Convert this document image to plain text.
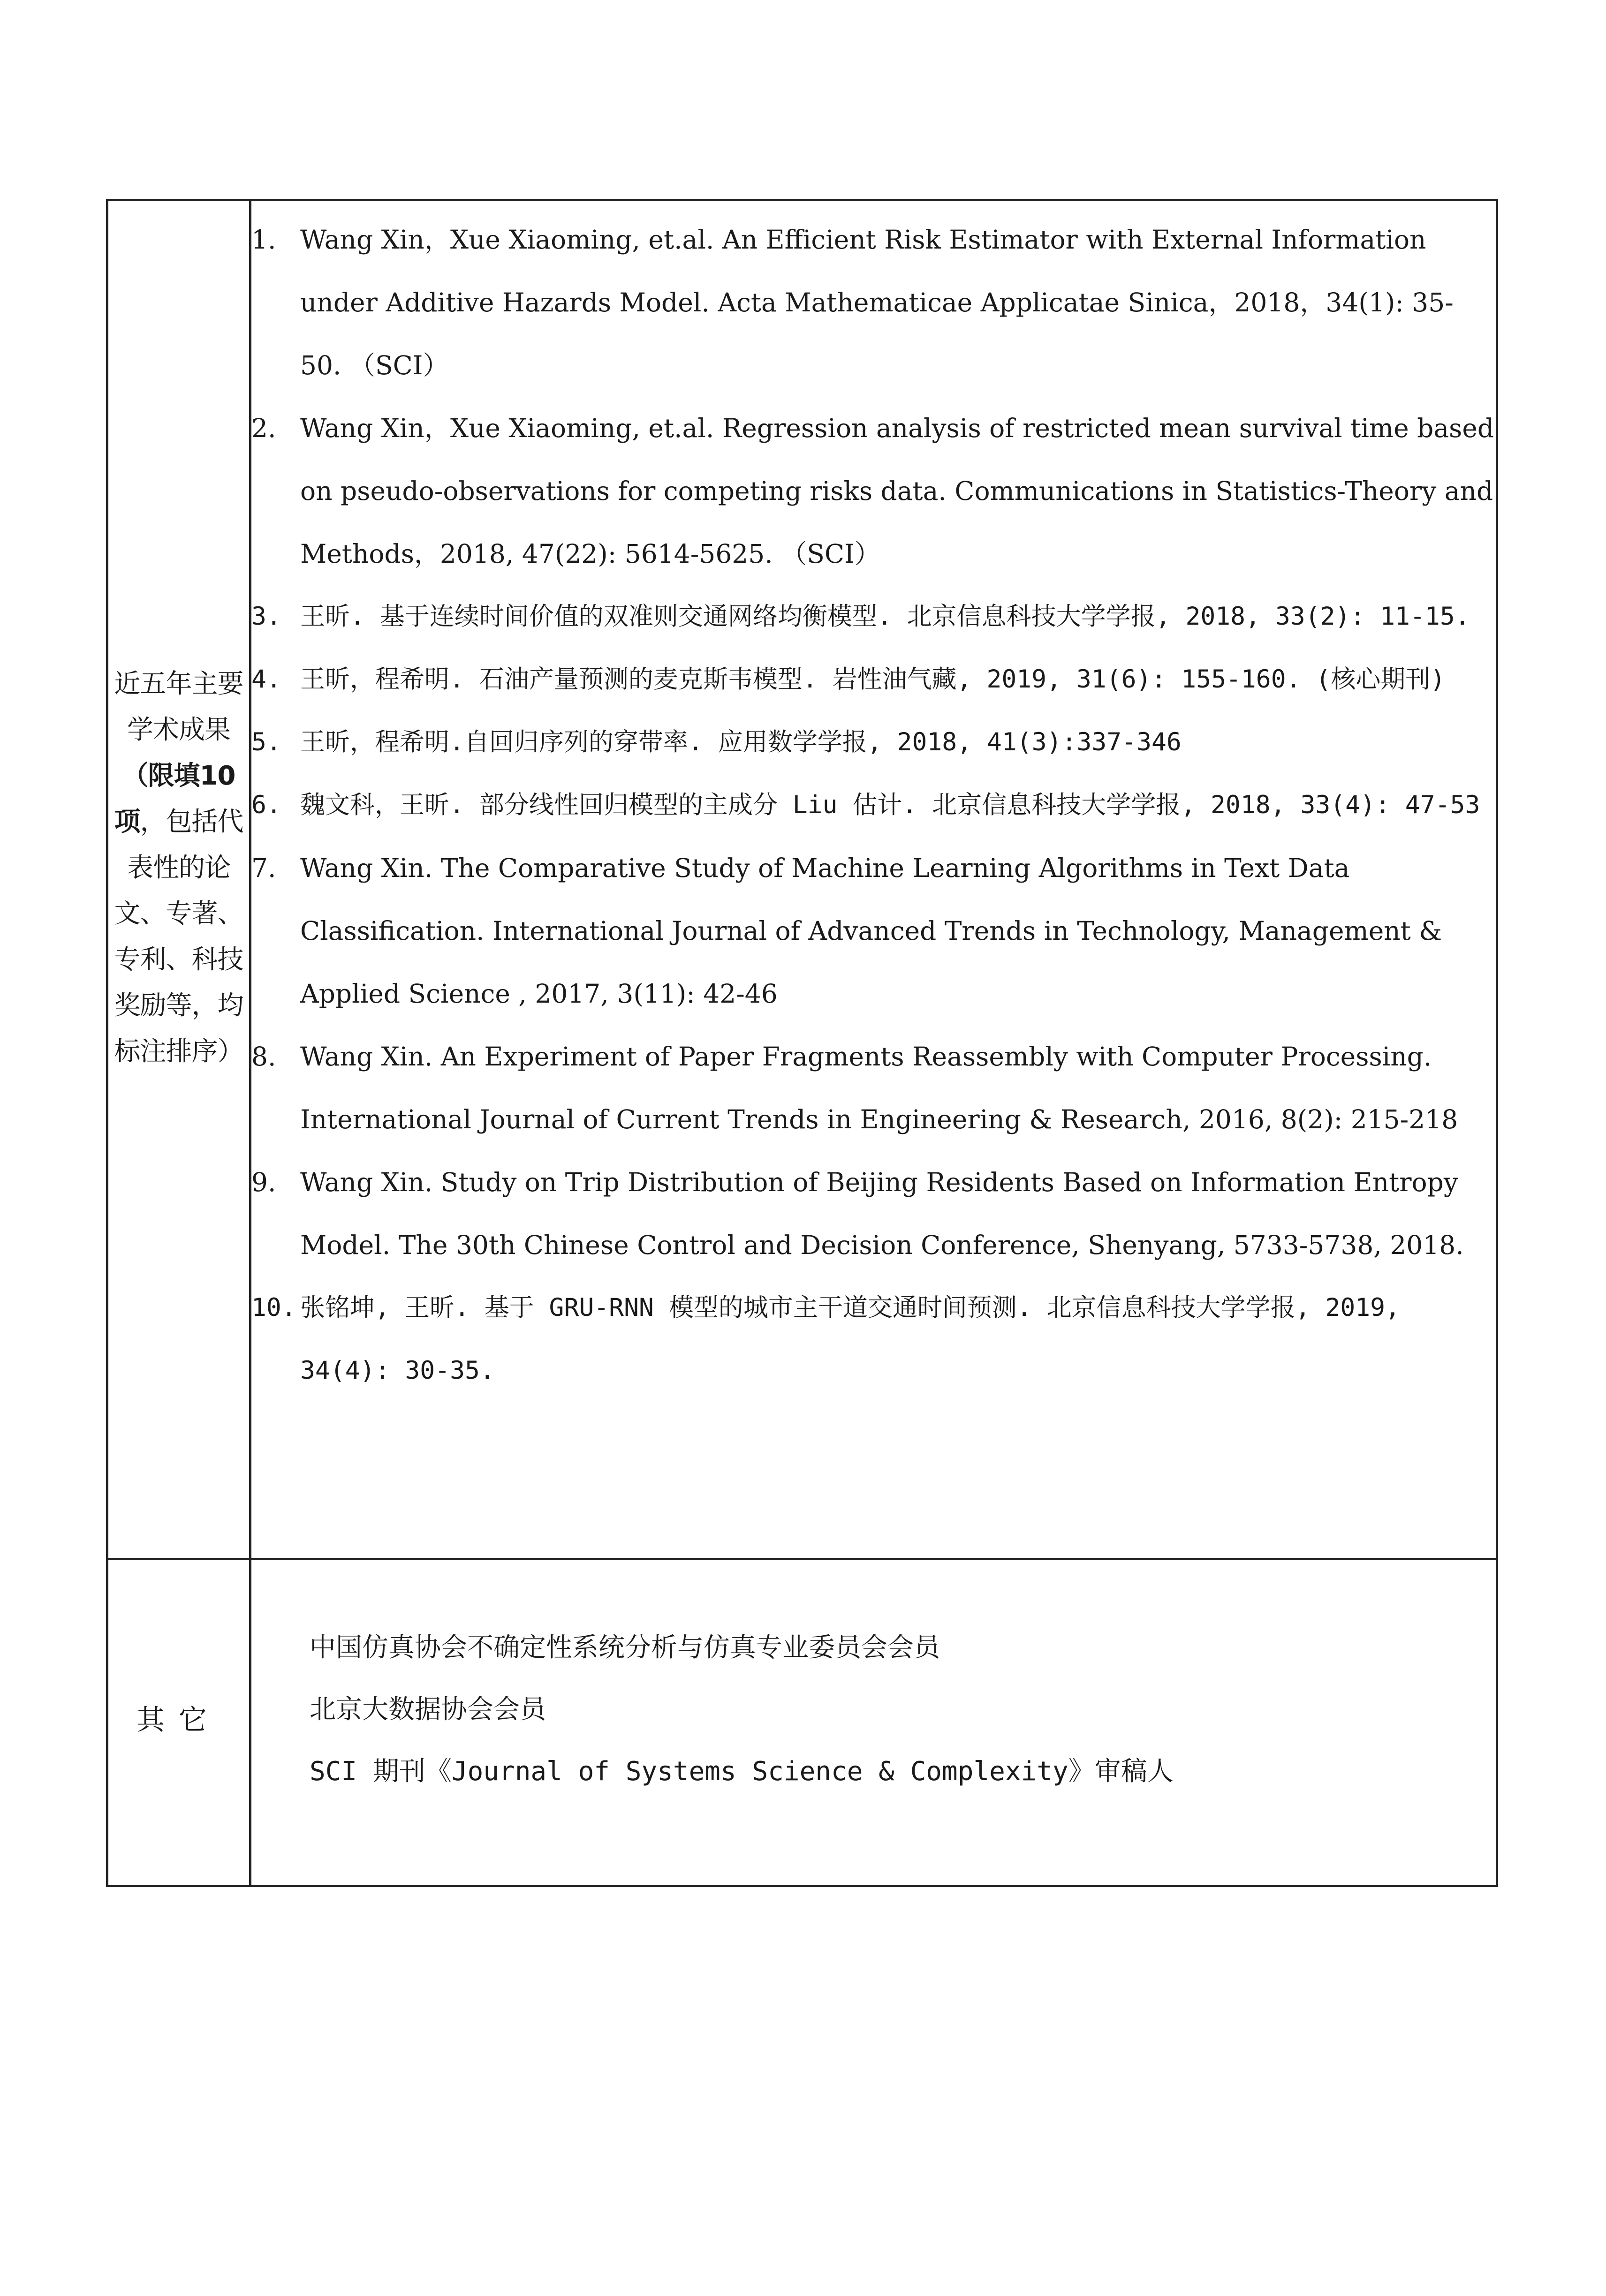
近五年主要学术成果（限填10项，包括代表性的论文、专著、专利、科技奖励等，均标注排序）
1. Wang Xin，Xue Xiaoming, et.al. An Efficient Risk Estimator with External Information under Additive Hazards Model. Acta Mathematicae Applicatae Sinica，2018，34(1): 35-50. （SCI）
2. Wang Xin，Xue Xiaoming, et.al. Regression analysis of restricted mean survival time based on pseudo-observations for competing risks data. Communications in Statistics-Theory and Methods，2018, 47(22): 5614-5625. （SCI）
3. 王昕. 基于连续时间价值的双准则交通网络均衡模型. 北京信息科技大学学报, 2018, 33(2): 11-15.
4. 王昕，程希明. 石油产量预测的麦克斯韦模型. 岩性油气藏, 2019, 31(6): 155-160. (核心期刊)
5. 王昕，程希明.自回归序列的穿带率. 应用数学学报, 2018, 41(3):337-346
6. 魏文科，王昕. 部分线性回归模型的主成分 Liu 估计. 北京信息科技大学学报, 2018, 33(4): 47-53
7. Wang Xin. The Comparative Study of Machine Learning Algorithms in Text Data Classification. International Journal of Advanced Trends in Technology, Management & Applied Science , 2017, 3(11): 42-46
8. Wang Xin. An Experiment of Paper Fragments Reassembly with Computer Processing. International Journal of Current Trends in Engineering & Research, 2016, 8(2): 215-218
9. Wang Xin. Study on Trip Distribution of Beijing Residents Based on Information Entropy Model. The 30th Chinese Control and Decision Conference, Shenyang, 5733-5738, 2018.
10. 张铭坤, 王昕. 基于 GRU-RNN 模型的城市主干道交通时间预测. 北京信息科技大学学报, 2019, 34(4): 30-35.
其它
中国仿真协会不确定性系统分析与仿真专业委员会会员
北京大数据协会会员
SCI 期刊《Journal of Systems Science & Complexity》审稿人
